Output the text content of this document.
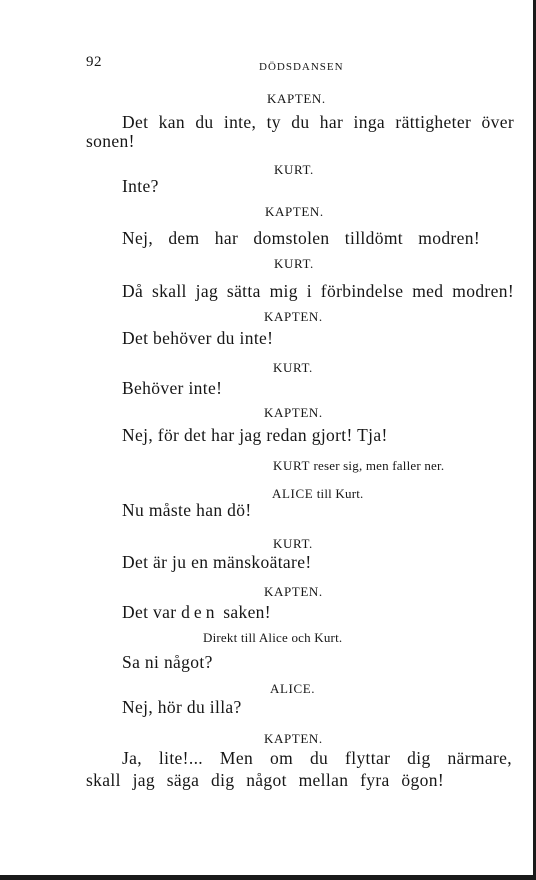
92	DÖDSDANSEN
KAPTEN.
Det kan du inte, ty du har inga rättigheter över
sonen!
KURT.
Inte?
KAPTEN.
Nej, dem har domstolen tilldömt modren!
KURT.
Då skall jag sätta mig i förbindelse med modren!
KAPTEN.
Det behöver du inte!
KURT.
Behöver inte!
KAPTEN.
Nej, för det har jag redan gjort! Tja!
KURT reser sig, men faller ner.
ALICE till Kurt.
Nu måste han dö!
KURT.
Det är ju en mänskoätare!
KAPTEN.
Det var den saken!
Direkt till Alice och Kurt.
Sa ni något?
ALICE.
Nej, hör du illa?
KAPTEN.
Ja, lite!... Men om du flyttar dig närmare,
skall jag säga dig något mellan fyra ögon!
